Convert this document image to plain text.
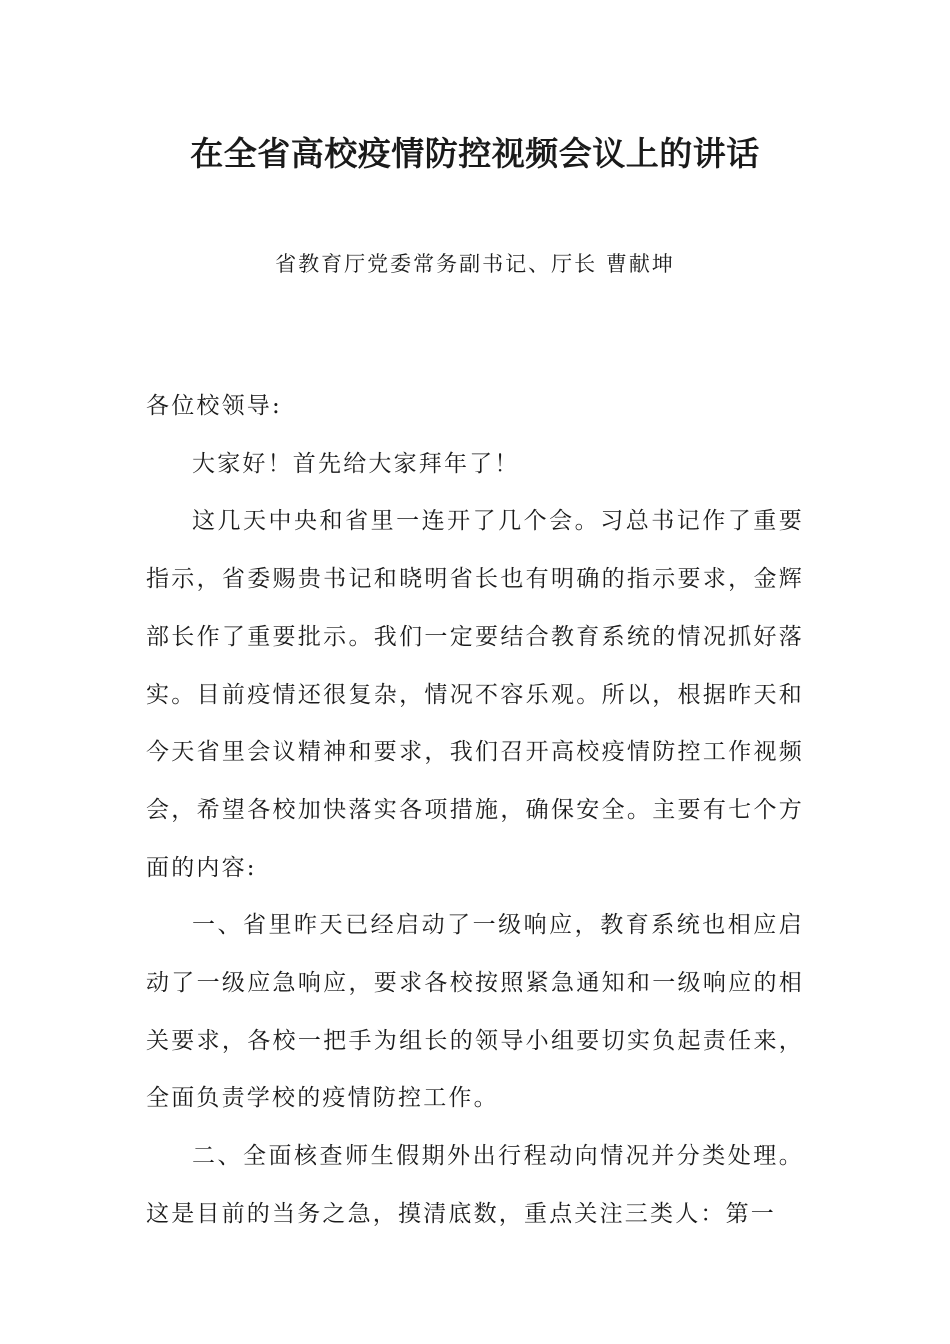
在全省高校疫情防控视频会议上的讲话

省教育厅党委常务副书记、厅长 曹献坤

各位校领导:

大家好！首先给大家拜年了！

这几天中央和省里一连开了几个会。习总书记作了重要指示，省委赐贵书记和晓明省长也有明确的指示要求，金辉部长作了重要批示。我们一定要结合教育系统的情况抓好落实。目前疫情还很复杂，情况不容乐观。所以，根据昨天和今天省里会议精神和要求，我们召开高校疫情防控工作视频会，希望各校加快落实各项措施，确保安全。主要有七个方面的内容:

一、省里昨天已经启动了一级响应，教育系统也相应启动了一级应急响应，要求各校按照紧急通知和一级响应的相关要求，各校一把手为组长的领导小组要切实负起责任来，全面负责学校的疫情防控工作。

二、全面核查师生假期外出行程动向情况并分类处理。这是目前的当务之急，摸清底数，重点关注三类人：第一
